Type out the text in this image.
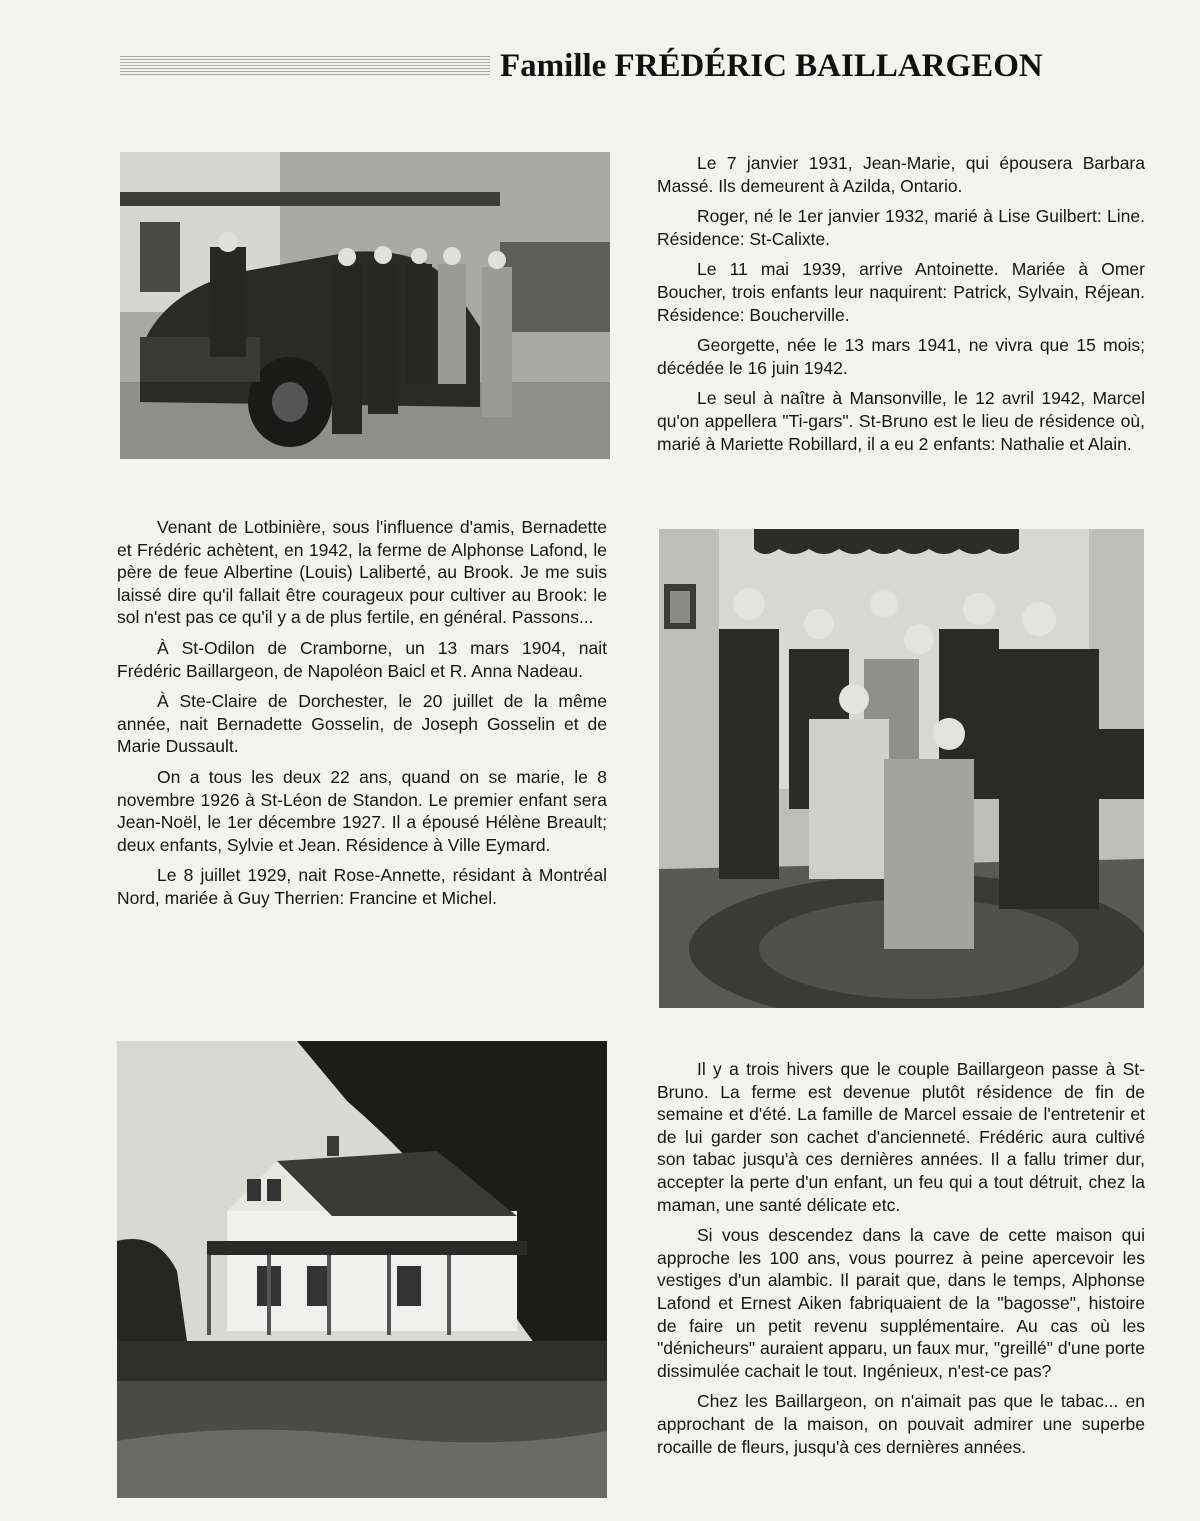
Famille FRÉDÉRIC BAILLARGEON

Venant de Lotbinière, sous l'influence d'amis, Bernadette et Frédéric achètent, en 1942, la ferme de Alphonse Lafond, le père de feue Albertine (Louis) Laliberté, au Brook. Je me suis laissé dire qu'il fallait être courageux pour cultiver au Brook: le sol n'est pas ce qu'il y a de plus fertile, en général. Passons...

À St-Odilon de Cramborne, un 13 mars 1904, nait Frédéric Baillargeon, de Napoléon Baicl et R. Anna Nadeau.

À Ste-Claire de Dorchester, le 20 juillet de la même année, nait Bernadette Gosselin, de Joseph Gosselin et de Marie Dussault.

On a tous les deux 22 ans, quand on se marie, le 8 novembre 1926 à St-Léon de Standon. Le premier enfant sera Jean-Noël, le 1er décembre 1927. Il a épousé Hélène Breault; deux enfants, Sylvie et Jean. Résidence à Ville Eymard.

Le 8 juillet 1929, nait Rose-Annette, résidant à Montréal Nord, mariée à Guy Therrien: Francine et Michel.

Le 7 janvier 1931, Jean-Marie, qui épousera Barbara Massé. Ils demeurent à Azilda, Ontario.

Roger, né le 1er janvier 1932, marié à Lise Guilbert: Line. Résidence: St-Calixte.

Le 11 mai 1939, arrive Antoinette. Mariée à Omer Boucher, trois enfants leur naquirent: Patrick, Sylvain, Réjean. Résidence: Boucherville.

Georgette, née le 13 mars 1941, ne vivra que 15 mois; décédée le 16 juin 1942.

Le seul à naître à Mansonville, le 12 avril 1942, Marcel qu'on appellera "Ti-gars". St-Bruno est le lieu de résidence où, marié à Mariette Robillard, il a eu 2 enfants: Nathalie et Alain.

Il y a trois hivers que le couple Baillargeon passe à St-Bruno. La ferme est devenue plutôt résidence de fin de semaine et d'été. La famille de Marcel essaie de l'entretenir et de lui garder son cachet d'ancienneté. Frédéric aura cultivé son tabac jusqu'à ces dernières années. Il a fallu trimer dur, accepter la perte d'un enfant, un feu qui a tout détruit, chez la maman, une santé délicate etc.

Si vous descendez dans la cave de cette maison qui approche les 100 ans, vous pourrez à peine apercevoir les vestiges d'un alambic. Il parait que, dans le temps, Alphonse Lafond et Ernest Aiken fabriquaient de la "bagosse", histoire de faire un petit revenu supplémentaire. Au cas où les "dénicheurs" auraient apparu, un faux mur, "greillé" d'une porte dissimulée cachait le tout. Ingénieux, n'est-ce pas?

Chez les Baillargeon, on n'aimait pas que le tabac... en approchant de la maison, on pouvait admirer une superbe rocaille de fleurs, jusqu'à ces dernières années.
